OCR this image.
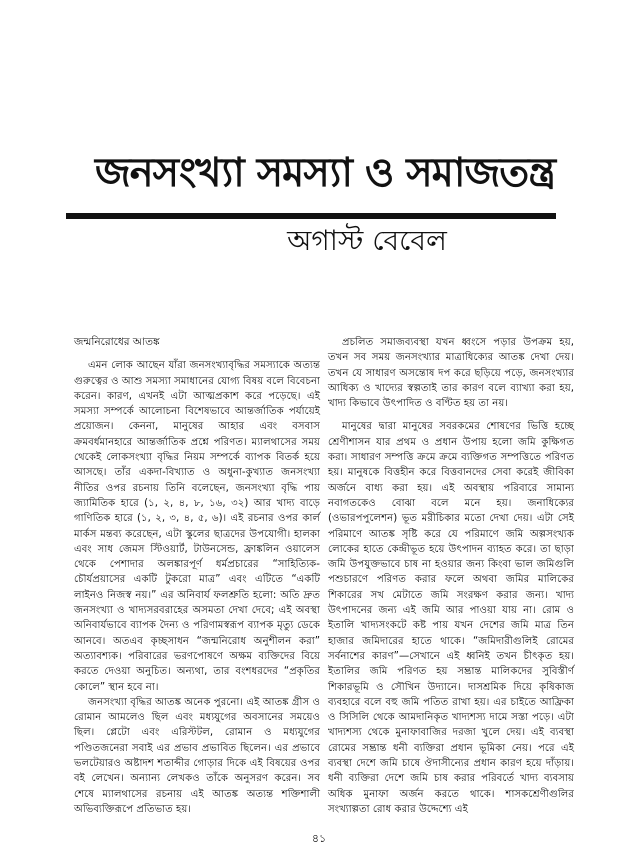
জনসংখ্যা সমস্যা ও সমাজতন্ত্র
অগাস্ট বেবেল

জন্মনিরোধের আতঙ্ক

এমন লোক আছেন যাঁরা জনসংখ্যাবৃদ্ধির সমস্যাকে অত্যন্ত গুরুত্বের ও আশু সমস্যা সমাধানের যোগ্য বিষয় বলে বিবেচনা করেন। কারণ, এখনই এটা আত্মপ্রকাশ করে পড়েছে। এই সমস্যা সম্পর্কে আলোচনা বিশেষভাবে আন্তর্জাতিক পর্যায়েই প্রয়োজন। কেননা, মানুষের আহার এবং বসবাস ক্রমবর্ধমানহারে আন্তর্জাতিক প্রশ্নে পরিণত। ম্যালথাসের সময় থেকেই লোকসংখ্যা বৃদ্ধির নিয়ম সম্পর্কে ব্যাপক বিতর্ক হয়ে আসছে। তাঁর একদা-বিখ্যাত ও অধুনা-কুখ্যাত জনসংখ্যা নীতির ওপর রচনায় তিনি বলেছেন, জনসংখ্যা বৃদ্ধি পায় জ্যামিতিক হারে (১, ২, ৪, ৮, ১৬, ৩২) আর খাদ্য বাড়ে গাণিতিক হারে (১, ২, ৩, ৪, ৫, ৬)। এই রচনার ওপর কার্ল মার্কস মন্তব্য করেছেন, এটা স্কুলের ছাত্রদের উপযোগী। হালকা এবং সাধ জেমস স্টিওয়ার্ট, টাউনসেন্ড, ফ্রাঙ্কলিন ওয়ালেস থেকে পেশাদার অলঙ্কারপূর্ণ ধর্মপ্রচারের “সাহিত্যিক-চৌর্যপ্রয়াসের একটি টুকরো মাত্র” এবং এটিতে “একটি লাইনও নিজস্ব নয়।” এর অনিবার্য ফলশ্রুতি হলো: অতি দ্রুত জনসংখ্যা ও খাদ্যসরবরাহের অসমতা দেখা দেবে; এই অবস্থা অনিবার্যভাবে ব্যাপক দৈন্য ও পরিণামস্বরূপ ব্যাপক মৃত্যু ডেকে আনবে। অতএব কৃচ্ছসাধন “জন্মনিরোধ অনুশীলন করা” অত্যাবশ্যক। পরিবারের ভরণপোষণে অক্ষম ব্যক্তিদের বিয়ে করতে দেওয়া অনুচিত। অন্যথা, তার বংশধরদের “প্রকৃতির কোলে” স্থান হবে না।

জনসংখ্যা বৃদ্ধির আতঙ্ক অনেক পুরনো। এই আতঙ্ক গ্রীস ও রোমান আমলেও ছিল এবং মধ্যযুগের অবসানের সময়েও ছিল। প্লেটো এবং এরিস্টটল, রোমান ও মধ্যযুগের পণ্ডিতজনেরা সবাই এর প্রভাব প্রভাবিত ছিলেন। এর প্রভাবে ভলটেয়ারও অষ্টাদশ শতাব্দীর গোড়ার দিকে এই বিষয়ের ওপর বই লেখেন। অন্যান্য লেখকও তাঁকে অনুসরণ করেন। সব শেষে ম্যালথাসের রচনায় এই আতঙ্ক অত্যন্ত শক্তিশালী অভিব্যক্তিরূপে প্রতিভাত হয়।

প্রচলিত সমাজব্যবস্থা যখন ধ্বংসে পড়ার উপক্রম হয়, তখন সব সময় জনসংখ্যার মাত্রাধিক্যের আতঙ্ক দেখা দেয়। তখন যে সাধারণ অসন্তোষ দপ করে ছড়িয়ে পড়ে, জনসংখ্যার আধিক্য ও খাদ্যের স্বল্পতাই তার কারণ বলে ব্যাখ্যা করা হয়, খাদ্য কিভাবে উৎপাদিত ও বণ্টিত হয় তা নয়।

মানুষের দ্বারা মানুষের সবরকমের শোষণের ভিত্তি হচ্ছে শ্রেণীশাসন যার প্রথম ও প্রধান উপায় হলো জমি কুক্ষিগত করা। সাধারণ সম্পত্তি ক্রমে ক্রমে ব্যক্তিগত সম্পত্তিতে পরিণত হয়। মানুষকে বিত্তহীন করে বিত্তবানদের সেবা করেই জীবিকা অর্জনে বাধ্য করা হয়। এই অবস্থায় পরিবারে সামান্য নবাগতকেও বোঝা বলে মনে হয়। জনাধিক্যের (ওভারপপুলেশন) ভূত মরীচিকার মতো দেখা দেয়। এটা সেই পরিমাণে আতঙ্ক সৃষ্টি করে যে পরিমাণে জমি অল্পসংখ্যক লোকের হাতে কেন্দ্রীভূত হয়ে উৎপাদন ব্যাহত করে। তা ছাড়া জমি উপযুক্তভাবে চাষ না হওয়ার জন্য কিংবা ভাল জমিগুলি পশুচারণে পরিণত করার ফলে অথবা জমির মালিকের শিকারের সখ মেটাতে জমি সংরক্ষণ করার জন্য। খাদ্য উৎপাদনের জন্য এই জমি আর পাওয়া যায় না। রোম ও ইতালি খাদ্যসংকটে কষ্ট পায় যখন দেশের জমি মাত্র তিন হাজার জমিদারের হাতে থাকে। “জমিদারীগুলিই রোমের সর্বনাশের কারণ”—সেখানে এই ধ্বনিই তখন চীৎকৃত হয়। ইতালির জমি পরিণত হয় সম্ভ্রান্ত মালিকদের সুবিস্তীর্ণ শিকারভূমি ও সৌখিন উদ্যানে। দাসশ্রমিক দিয়ে কৃষিকাজ ব্যবহারে বলে বহু জমি পতিত রাখা হয়। এর চাইতে আফ্রিকা ও সিসিলি থেকে আমদানিকৃত খাদ্যশস্য দামে সস্তা পড়ে। এটা খাদ্যশস্য থেকে মুনাফাবাজির দরজা খুলে দেয়। এই ব্যবস্থা রোমের সম্ভ্রান্ত ধনী ব্যক্তিরা প্রধান ভূমিকা নেয়। পরে এই ব্যবস্থা দেশে জমি চাষে ঔদাসীন্যের প্রধান কারণ হয়ে দাঁড়ায়। ধনী ব্যক্তিরা দেশে জমি চাষ করার পরিবর্তে খাদ্য ব্যবসায় অধিক মুনাফা অর্জন করতে থাকে। শাসকশ্রেণীগুলির সংখ্যাল্পতা রোধ করার উদ্দেশ্যে এই

৪১
